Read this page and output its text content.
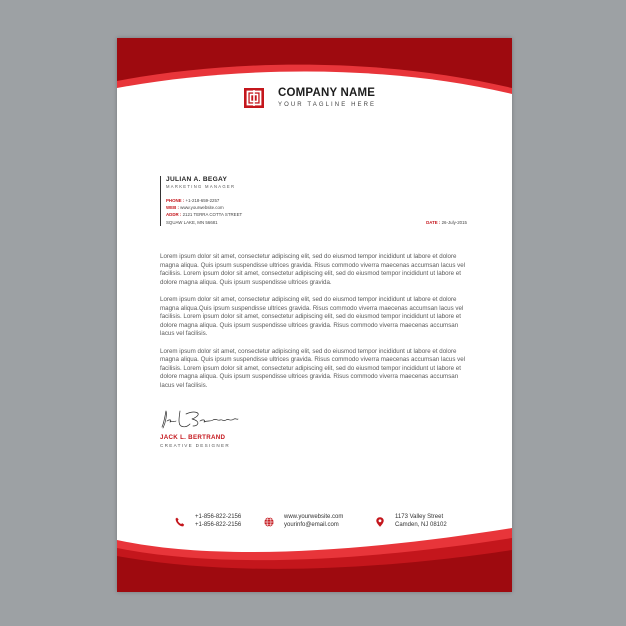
COMPANY NAME
YOUR TAGLINE HERE
JULIAN A. BEGAY
MARKETING MANAGER
PHONE : +1-218-659-2257
WEB : www.yourwebsite.com
ADDR : 2121 TERRA COTTA STREET
SQUAW LAKE, MN 56681	DATE : 26-July-2015

Lorem ipsum dolor sit amet, consectetur adipiscing elit, sed do eiusmod tempor incididunt ut labore et dolore magna aliqua. Quis ipsum suspendisse ultrices gravida. Risus commodo viverra maecenas accumsan lacus vel facilisis. Lorem ipsum dolor sit amet, consectetur adipiscing elit, sed do eiusmod tempor incididunt ut labore et dolore magna aliqua. Quis ipsum suspendisse ultrices gravida.

Lorem ipsum dolor sit amet, consectetur adipiscing elit, sed do eiusmod tempor incididunt ut labore et dolore magna aliqua.Quis ipsum suspendisse ultrices gravida. Risus commodo viverra maecenas accumsan lacus vel facilisis. Lorem ipsum dolor sit amet, consectetur adipiscing elit, sed do eiusmod tempor incididunt ut labore et dolore magna aliqua. Quis ipsum suspendisse ultrices gravida. Risus commodo viverra maecenas accumsan lacus vel facilisis.

Lorem ipsum dolor sit amet, consectetur adipiscing elit, sed do eiusmod tempor incididunt ut labore et dolore magna aliqua. Quis ipsum suspendisse ultrices gravida. Risus commodo viverra maecenas accumsan lacus vel facilisis. Lorem ipsum dolor sit amet, consectetur adipiscing elit, sed do eiusmod tempor incididunt ut labore et dolore magna aliqua. Quis ipsum suspendisse ultrices gravida. Risus commodo viverra maecenas accumsan lacus vel facilisis.

JACK L. BERTRAND
CREATIVE DESIGNER
+1-856-822-2156
+1-856-822-2156
www.yourwebsite.com
yourinfo@email.com
1173 Valley Street
Camden, NJ 08102
